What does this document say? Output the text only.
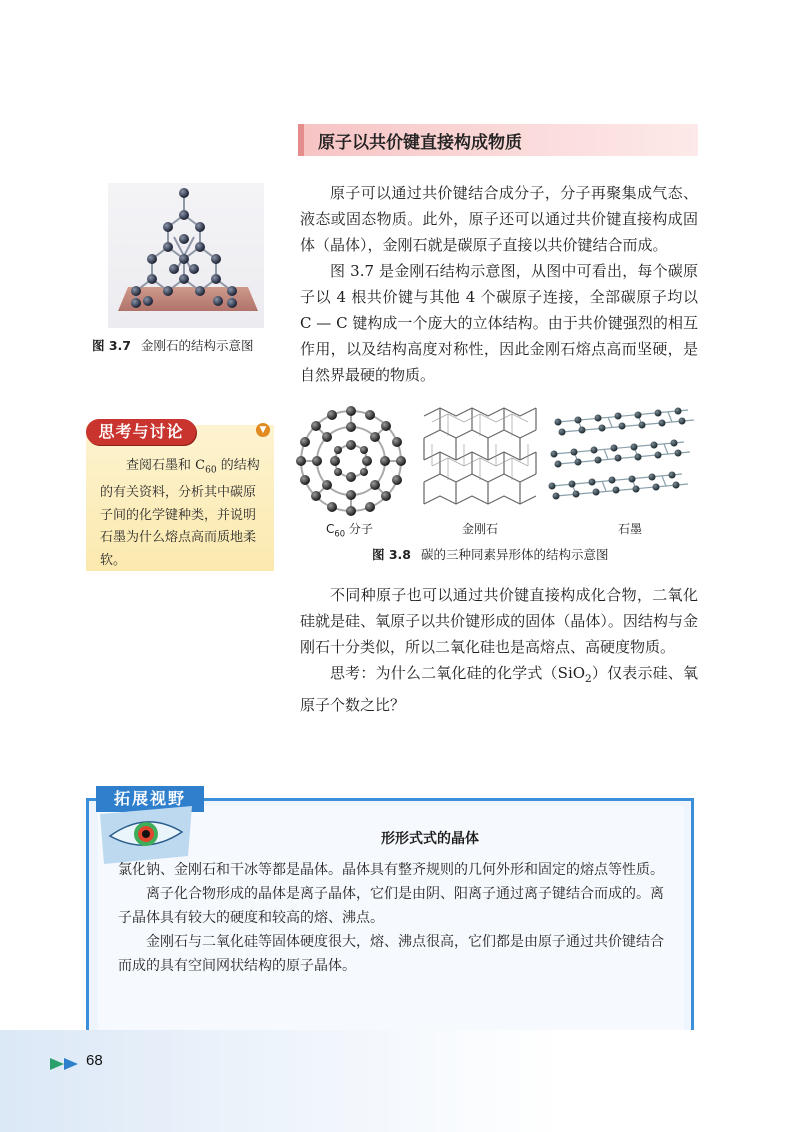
原子以共价键直接构成物质
图 3.7 金刚石的结构示意图

原子可以通过共价键结合成分子，分子再聚集成气态、液态或固态物质。此外，原子还可以通过共价键直接构成固体（晶体），金刚石就是碳原子直接以共价键结合而成。

图 3.7 是金刚石结构示意图，从图中可看出，每个碳原子以 4 根共价键与其他 4 个碳原子连接，全部碳原子均以 C — C 键构成一个庞大的立体结构。由于共价键强烈的相互作用，以及结构高度对称性，因此金刚石熔点高而坚硬，是自然界最硬的物质。

思考与讨论	▼

查阅石墨和 $C_{60}$ 的结构的有关资料，分析其中碳原子间的化学键种类，并说明石墨为什么熔点高而质地柔软。

$C_{60}$ 分子	金刚石	石墨
图 3.8 碳的三种同素异形体的结构示意图

不同种原子也可以通过共价键直接构成化合物，二氧化硅就是硅、氧原子以共价键形成的固体（晶体）。因结构与金刚石十分类似，所以二氧化硅也是高熔点、高硬度物质。

思考：为什么二氧化硅的化学式（SiO$_2$）仅表示硅、氧原子个数之比？

拓展视野
形形式式的晶体

氯化钠、金刚石和干冰等都是晶体。晶体具有整齐规则的几何外形和固定的熔点等性质。

离子化合物形成的晶体是离子晶体，它们是由阴、阳离子通过离子键结合而成的。离子晶体具有较大的硬度和较高的熔、沸点。

金刚石与二氧化硅等固体硬度很大，熔、沸点很高，它们都是由原子通过共价键结合而成的具有空间网状结构的原子晶体。

68
